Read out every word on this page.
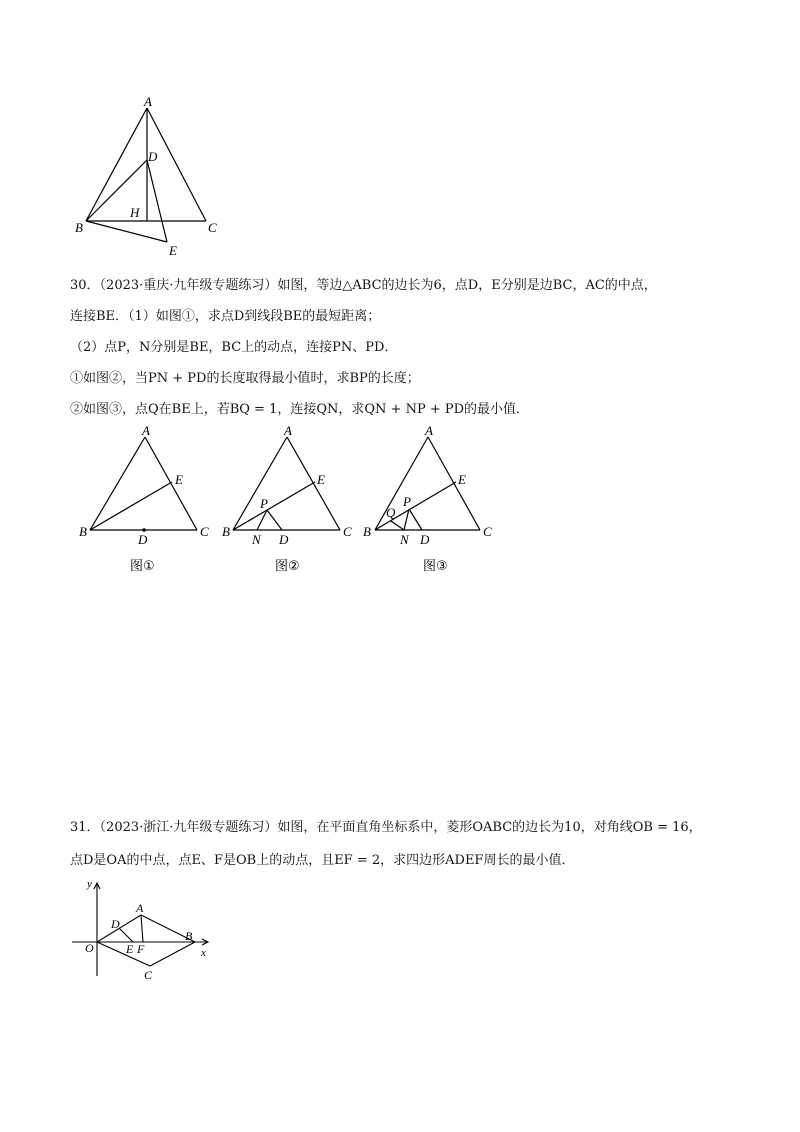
A
D
H
B	C
E
30．（2023·重庆·九年级专题练习）如图，等边△ABC的边长为6，点D，E分别是边BC，AC的中点，
连接BE．（1）如图①，求点D到线段BE的最短距离；
（2）点P，N分别是BE，BC上的动点，连接PN、PD．
①如图②，当PN + PD的长度取得最小值时，求BP的长度；
②如图③，点Q在BE上，若BQ = 1，连接QN，求QN + NP + PD的最小值．
A
E
B	C
D
图①
A
E
P
B	C
N D
图②
A
E
P
Q
B	C
N D
图③
31．（2023·浙江·九年级专题练习）如图，在平面直角坐标系中，菱形OABC的边长为10，对角线OB = 16，
点D是OA的中点，点E、F是OB上的动点，且EF = 2，求四边形ADEF周长的最小值．
y
x
O
D
A
E F
B
C
